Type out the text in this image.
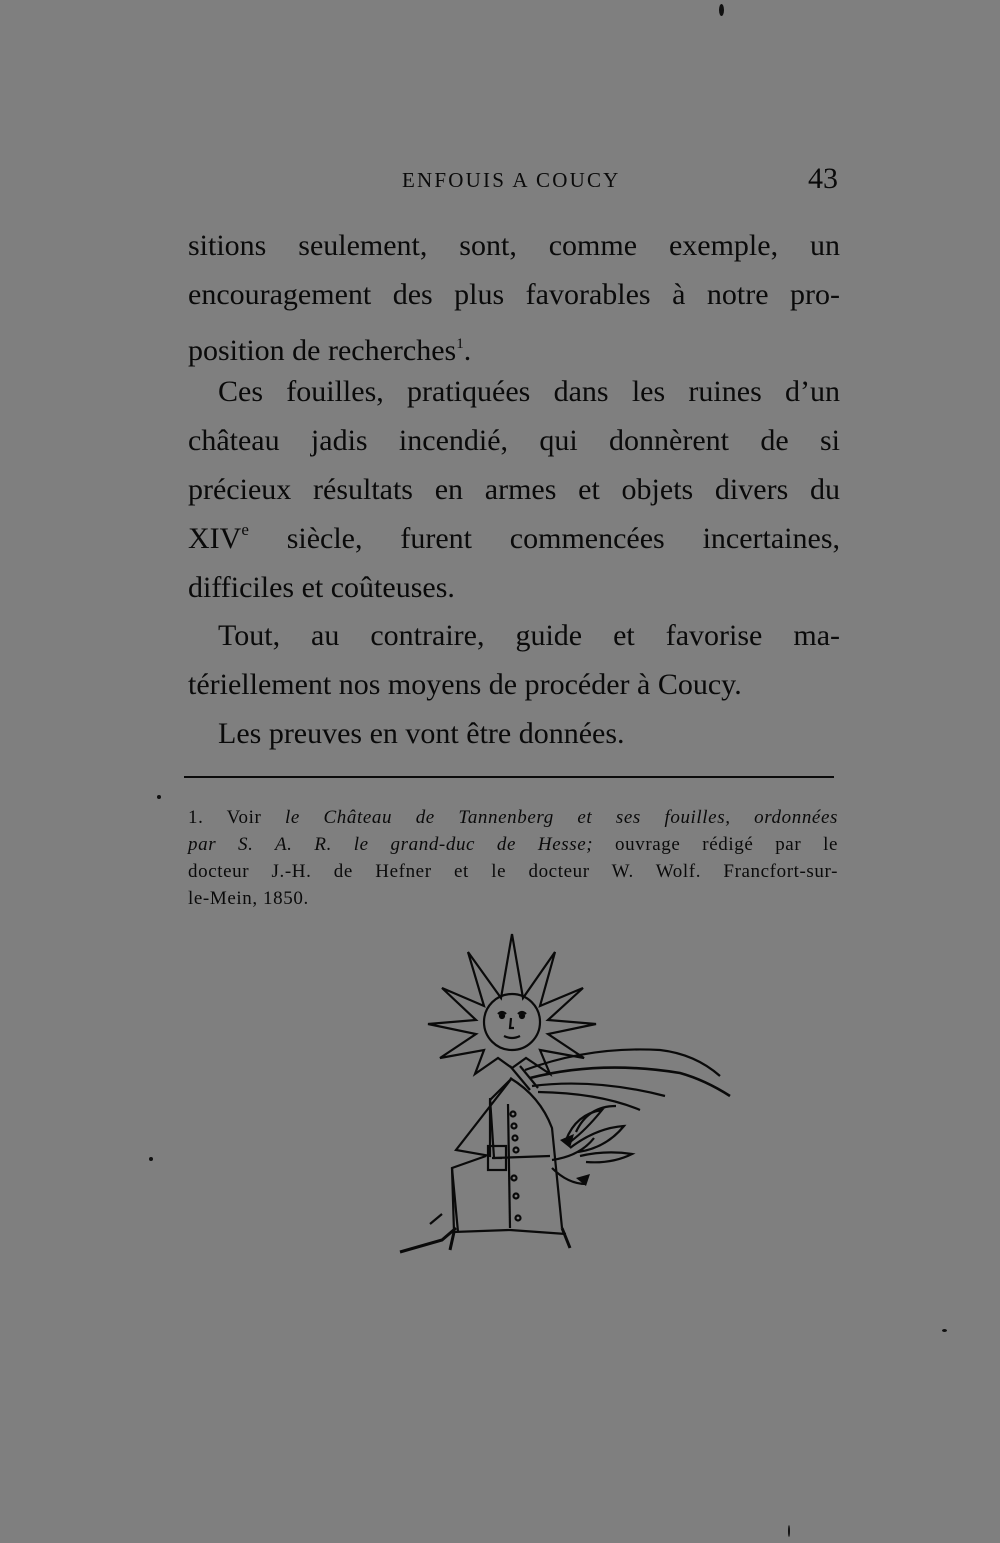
ENFOUIS A COUCY	43
sitions seulement, sont, comme exemple, un
encouragement des plus favorables à notre pro-
position de recherches$^1$.
Ces fouilles, pratiquées dans les ruines d’un
château jadis incendié, qui donnèrent de si
précieux résultats en armes et objets divers du
XIV e siècle, furent commencées incertaines,
difficiles et coûteuses.
Tout, au contraire, guide et favorise ma-
tériellement nos moyens de procéder à Coucy.
Les preuves en vont être données.
1. Voir le Château de Tannenberg et ses fouilles, ordonnées
par S. A. R. le grand-duc de Hesse; ouvrage rédigé par le
docteur J.-H. de Hefner et le docteur W. Wolf. Francfort-sur-
le-Mein, 1850.
